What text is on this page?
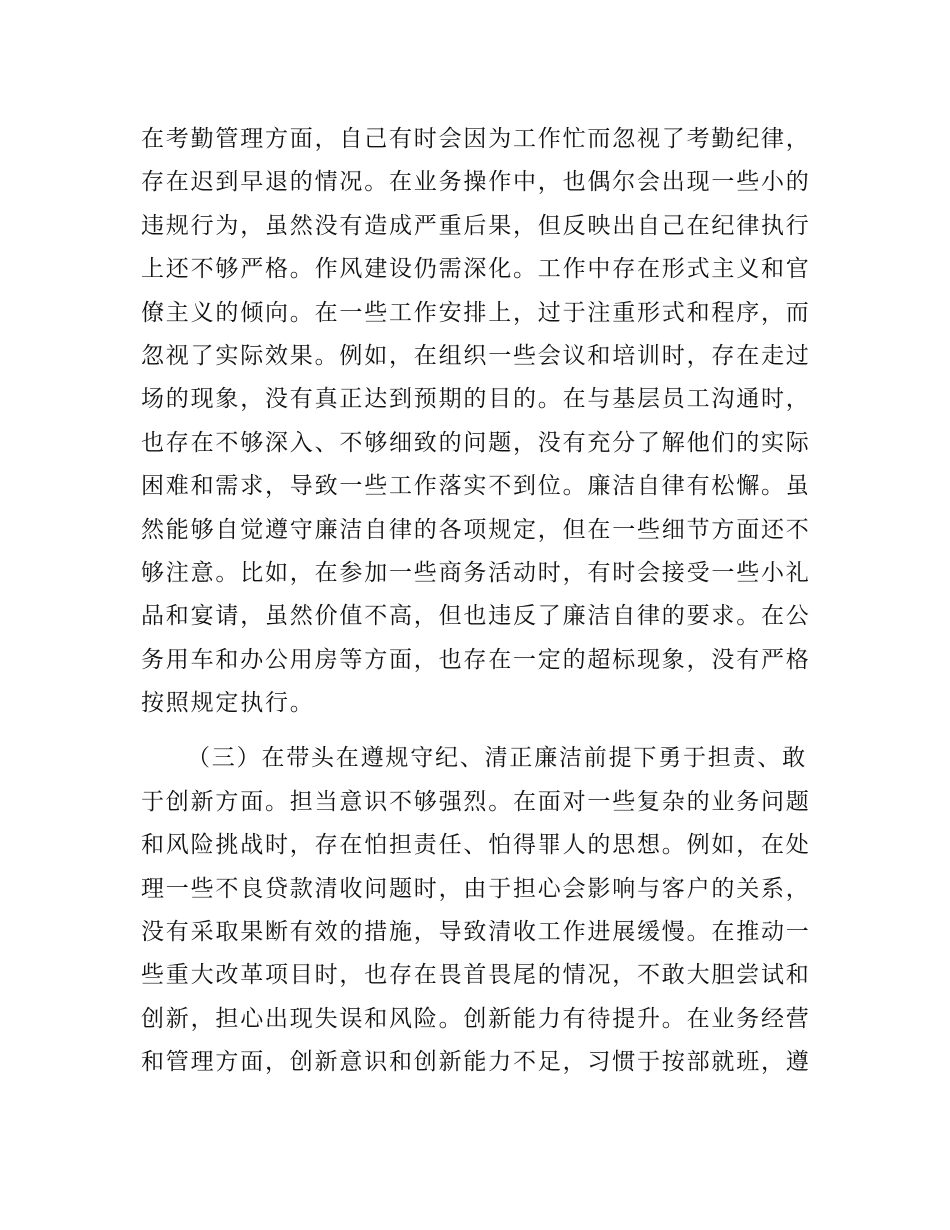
在考勤管理方面，自己有时会因为工作忙而忽视了考勤纪律，
存在迟到早退的情况。在业务操作中，也偶尔会出现一些小的
违规行为，虽然没有造成严重后果，但反映出自己在纪律执行
上还不够严格。作风建设仍需深化。工作中存在形式主义和官
僚主义的倾向。在一些工作安排上，过于注重形式和程序，而
忽视了实际效果。例如，在组织一些会议和培训时，存在走过
场的现象，没有真正达到预期的目的。在与基层员工沟通时，
也存在不够深入、不够细致的问题，没有充分了解他们的实际
困难和需求，导致一些工作落实不到位。廉洁自律有松懈。虽
然能够自觉遵守廉洁自律的各项规定，但在一些细节方面还不
够注意。比如，在参加一些商务活动时，有时会接受一些小礼
品和宴请，虽然价值不高，但也违反了廉洁自律的要求。在公
务用车和办公用房等方面，也存在一定的超标现象，没有严格
按照规定执行。
（三）在带头在遵规守纪、清正廉洁前提下勇于担责、敢
于创新方面。担当意识不够强烈。在面对一些复杂的业务问题
和风险挑战时，存在怕担责任、怕得罪人的思想。例如，在处
理一些不良贷款清收问题时，由于担心会影响与客户的关系，
没有采取果断有效的措施，导致清收工作进展缓慢。在推动一
些重大改革项目时，也存在畏首畏尾的情况，不敢大胆尝试和
创新，担心出现失误和风险。创新能力有待提升。在业务经营
和管理方面，创新意识和创新能力不足，习惯于按部就班，遵
